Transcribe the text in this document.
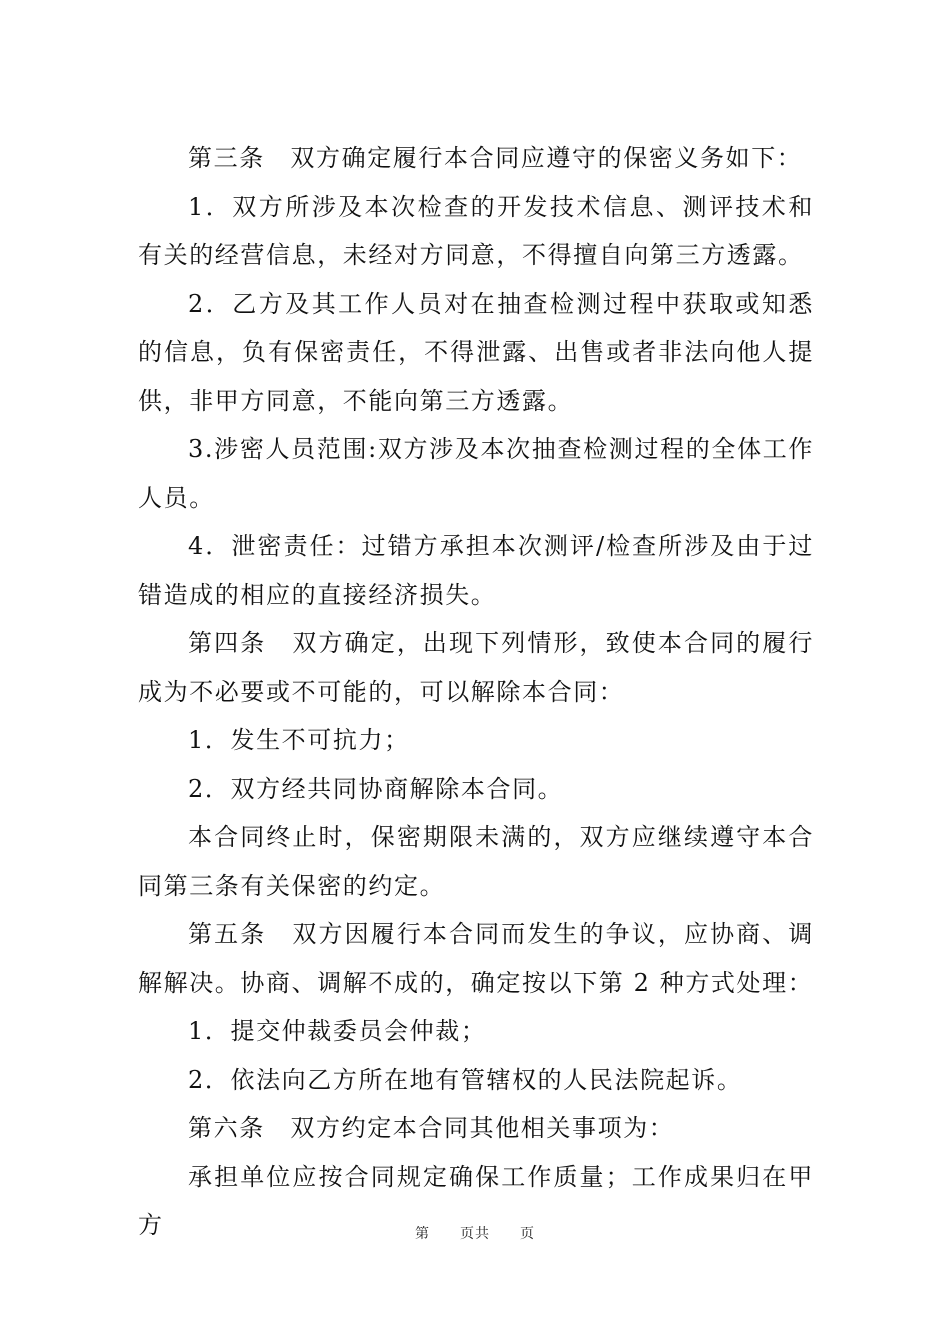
第三条　双方确定履行本合同应遵守的保密义务如下：

1．双方所涉及本次检查的开发技术信息、测评技术和有关的经营信息，未经对方同意，不得擅自向第三方透露。

2．乙方及其工作人员对在抽查检测过程中获取或知悉的信息，负有保密责任，不得泄露、出售或者非法向他人提供，非甲方同意，不能向第三方透露。

3.涉密人员范围:双方涉及本次抽查检测过程的全体工作人员。

4．泄密责任：过错方承担本次测评/检查所涉及由于过错造成的相应的直接经济损失。

第四条　双方确定，出现下列情形，致使本合同的履行成为不必要或不可能的，可以解除本合同：

1．发生不可抗力；

2．双方经共同协商解除本合同。

本合同终止时，保密期限未满的，双方应继续遵守本合同第三条有关保密的约定。

第五条　双方因履行本合同而发生的争议，应协商、调解解决。协商、调解不成的，确定按以下第 2 种方式处理：

1．提交仲裁委员会仲裁；

2．依法向乙方所在地有管辖权的人民法院起诉。

第六条　双方约定本合同其他相关事项为：

承担单位应按合同规定确保工作质量；工作成果归在甲方	第　　页共　　页
